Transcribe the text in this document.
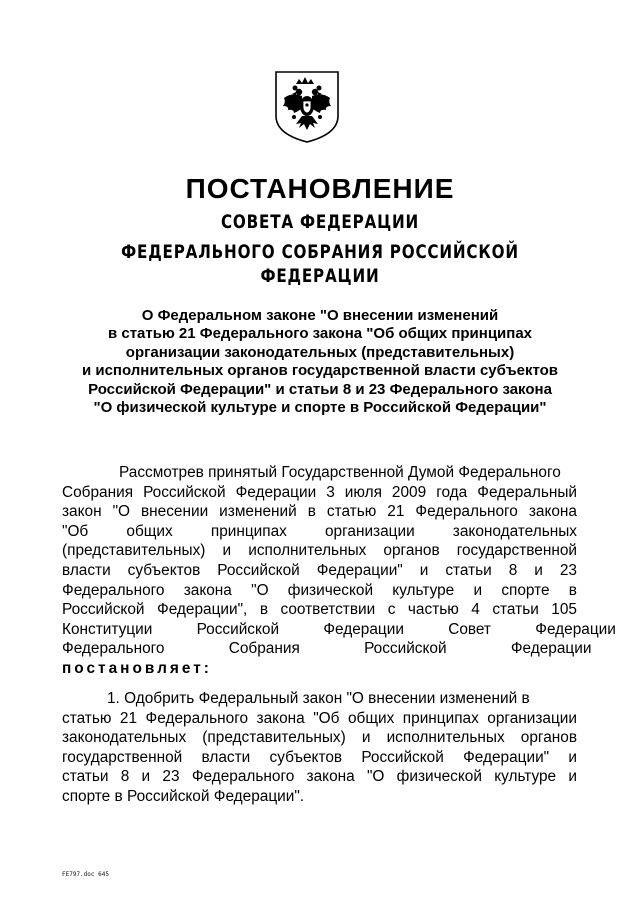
ПОСТАНОВЛЕНИЕ
СОВЕТА ФЕДЕРАЦИИ
ФЕДЕРАЛЬНОГО СОБРАНИЯ РОССИЙСКОЙ ФЕДЕРАЦИИ
О Федеральном законе "О внесении изменений
в статью 21 Федерального закона "Об общих принципах
организации законодательных (представительных)
и исполнительных органов государственной власти субъектов
Российской Федерации" и статьи 8 и 23 Федерального закона
"О физической культуре и спорте в Российской Федерации"
Рассмотрев принятый Государственной Думой Федерального
Собрания Российской Федерации 3 июля 2009 года Федеральный
закон "О внесении изменений в статью 21 Федерального закона
"Об общих принципах организации законодательных
(представительных) и исполнительных органов государственной
власти субъектов Российской Федерации" и статьи 8 и 23
Федерального закона "О физической культуре и спорте в
Российской Федерации", в соответствии с частью 4 статьи 105
Конституции Российской Федерации Совет Федерации
Федерального Собрания Российской Федерации
постановляет:
1. Одобрить Федеральный закон "О внесении изменений в
статью 21 Федерального закона "Об общих принципах организации
законодательных (представительных) и исполнительных органов
государственной власти субъектов Российской Федерации" и
статьи 8 и 23 Федерального закона "О физической культуре и
спорте в Российской Федерации".
FE797.doc 645
